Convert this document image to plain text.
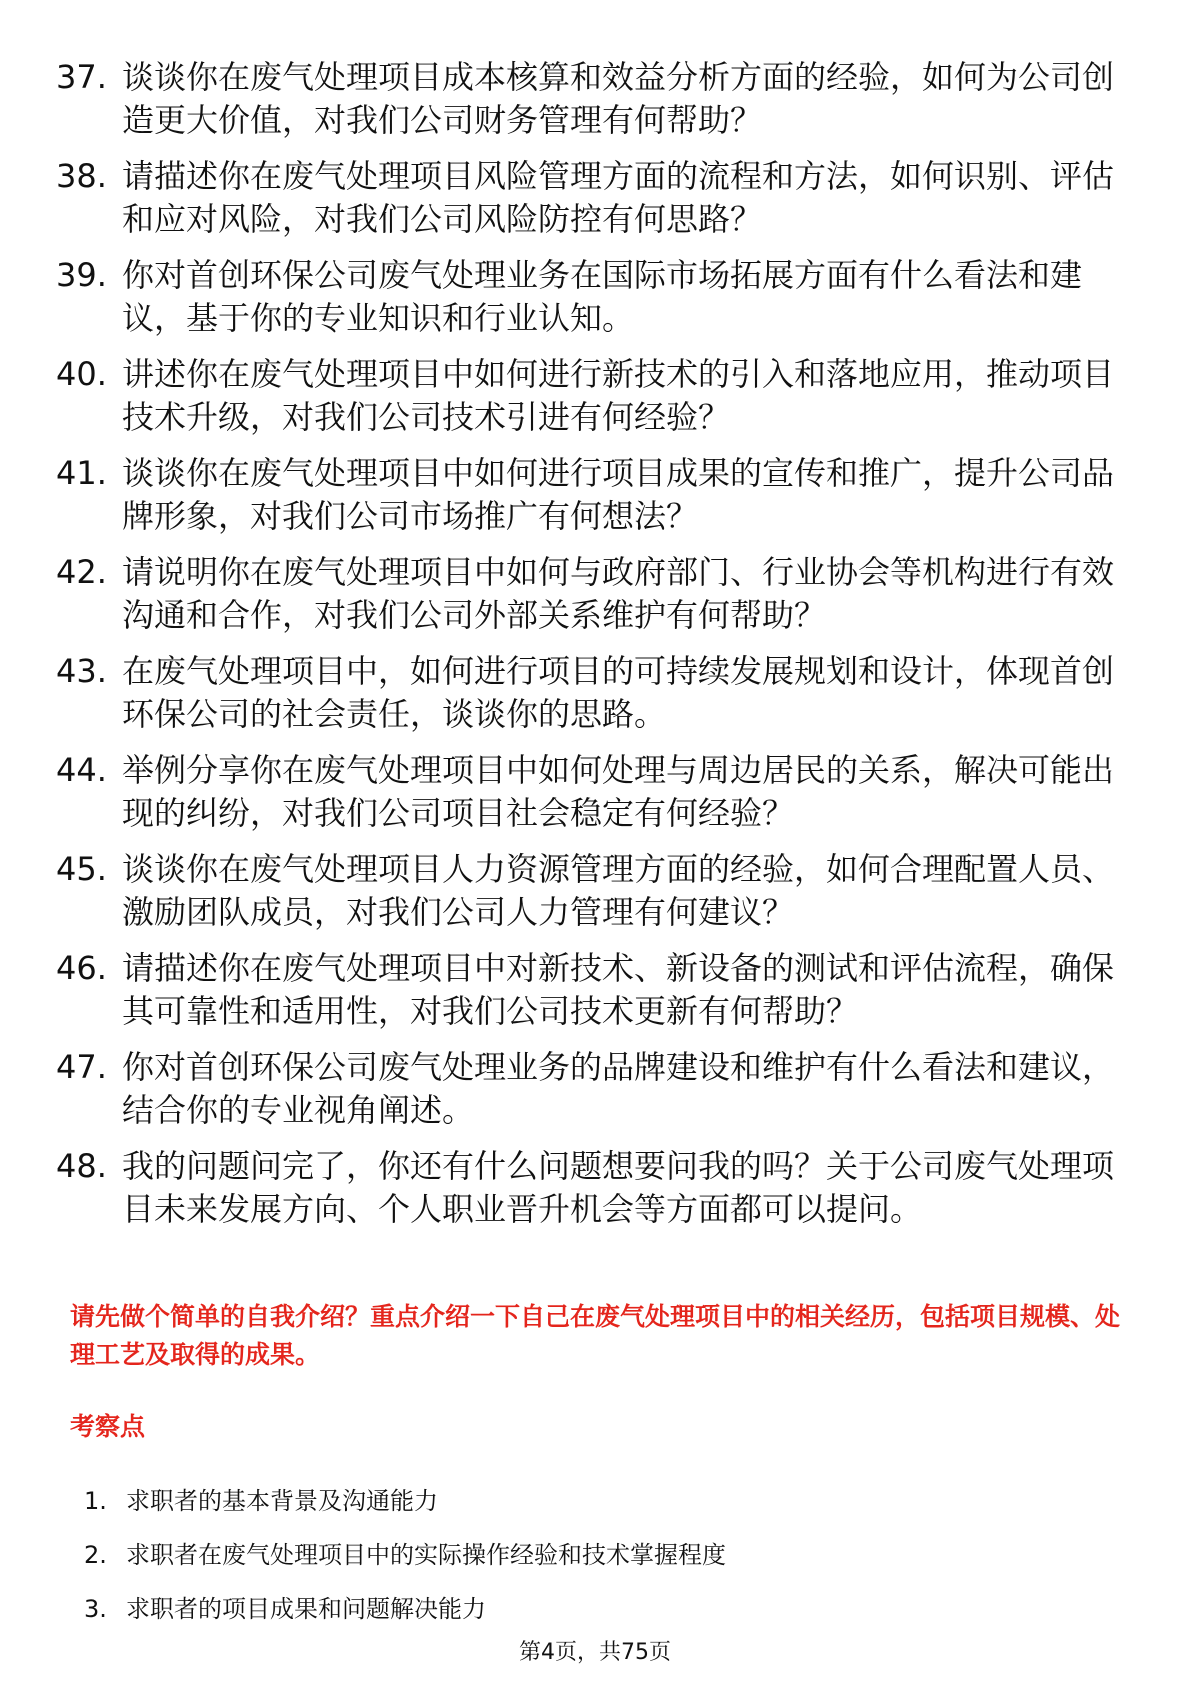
37. 谈谈你在废气处理项目成本核算和效益分析方面的经验，如何为公司创造更大价值，对我们公司财务管理有何帮助？
38. 请描述你在废气处理项目风险管理方面的流程和方法，如何识别、评估和应对风险，对我们公司风险防控有何思路？
39. 你对首创环保公司废气处理业务在国际市场拓展方面有什么看法和建议，基于你的专业知识和行业认知。
40. 讲述你在废气处理项目中如何进行新技术的引入和落地应用，推动项目技术升级，对我们公司技术引进有何经验？
41. 谈谈你在废气处理项目中如何进行项目成果的宣传和推广，提升公司品牌形象，对我们公司市场推广有何想法？
42. 请说明你在废气处理项目中如何与政府部门、行业协会等机构进行有效沟通和合作，对我们公司外部关系维护有何帮助？
43. 在废气处理项目中，如何进行项目的可持续发展规划和设计，体现首创环保公司的社会责任，谈谈你的思路。
44. 举例分享你在废气处理项目中如何处理与周边居民的关系，解决可能出现的纠纷，对我们公司项目社会稳定有何经验？
45. 谈谈你在废气处理项目人力资源管理方面的经验，如何合理配置人员、激励团队成员，对我们公司人力管理有何建议？
46. 请描述你在废气处理项目中对新技术、新设备的测试和评估流程，确保其可靠性和适用性，对我们公司技术更新有何帮助？
47. 你对首创环保公司废气处理业务的品牌建设和维护有什么看法和建议，结合你的专业视角阐述。
48. 我的问题问完了，你还有什么问题想要问我的吗？关于公司废气处理项目未来发展方向、个人职业晋升机会等方面都可以提问。

请先做个简单的自我介绍？重点介绍一下自己在废气处理项目中的相关经历，包括项目规模、处理工艺及取得的成果。

考察点
1. 求职者的基本背景及沟通能力
2. 求职者在废气处理项目中的实际操作经验和技术掌握程度
3. 求职者的项目成果和问题解决能力
第4页，共75页
